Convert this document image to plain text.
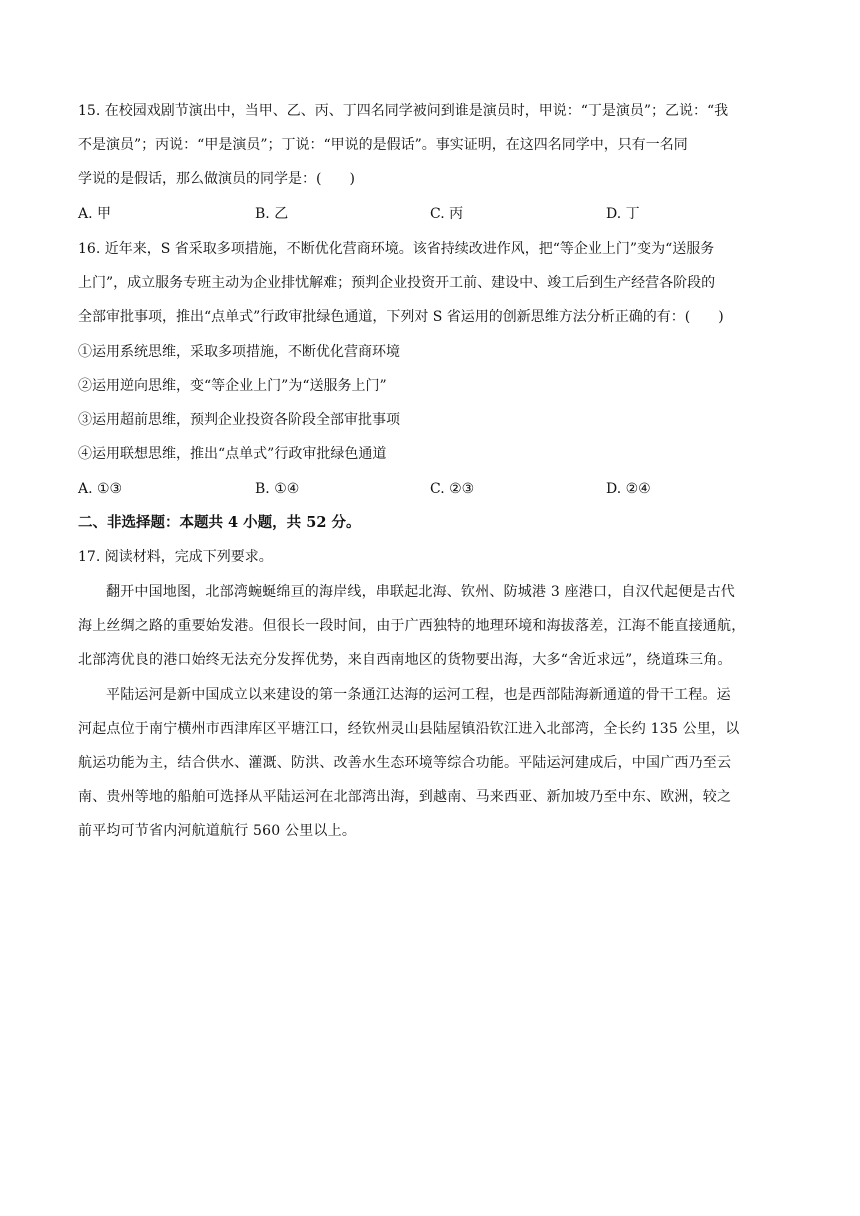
15. 在校园戏剧节演出中，当甲、乙、丙、丁四名同学被问到谁是演员时，甲说：“丁是演员”；乙说：“我
不是演员”；丙说：“甲是演员”；丁说：“甲说的是假话”。事实证明，在这四名同学中，只有一名同
学说的是假话，那么做演员的同学是：(　　)
A. 甲	B. 乙	C. 丙	D. 丁
16. 近年来，S 省采取多项措施，不断优化营商环境。该省持续改进作风，把“等企业上门”变为“送服务
上门”，成立服务专班主动为企业排忧解难；预判企业投资开工前、建设中、竣工后到生产经营各阶段的
全部审批事项，推出“点单式”行政审批绿色通道，下列对 S 省运用的创新思维方法分析正确的有：(　　)
①运用系统思维，采取多项措施，不断优化营商环境
②运用逆向思维，变“等企业上门”为“送服务上门”
③运用超前思维，预判企业投资各阶段全部审批事项
④运用联想思维，推出“点单式”行政审批绿色通道
A. ①③	B. ①④	C. ②③	D. ②④
二、非选择题：本题共 4 小题，共 52 分。
17. 阅读材料，完成下列要求。
翻开中国地图，北部湾蜿蜒绵亘的海岸线，串联起北海、钦州、防城港 3 座港口，自汉代起便是古代
海上丝绸之路的重要始发港。但很长一段时间，由于广西独特的地理环境和海拔落差，江海不能直接通航，
北部湾优良的港口始终无法充分发挥优势，来自西南地区的货物要出海，大多“舍近求远”，绕道珠三角。
平陆运河是新中国成立以来建设的第一条通江达海的运河工程，也是西部陆海新通道的骨干工程。运
河起点位于南宁横州市西津库区平塘江口，经钦州灵山县陆屋镇沿钦江进入北部湾，全长约 135 公里，以
航运功能为主，结合供水、灌溉、防洪、改善水生态环境等综合功能。平陆运河建成后，中国广西乃至云
南、贵州等地的船舶可选择从平陆运河在北部湾出海，到越南、马来西亚、新加坡乃至中东、欧洲，较之
前平均可节省内河航道航行 560 公里以上。
